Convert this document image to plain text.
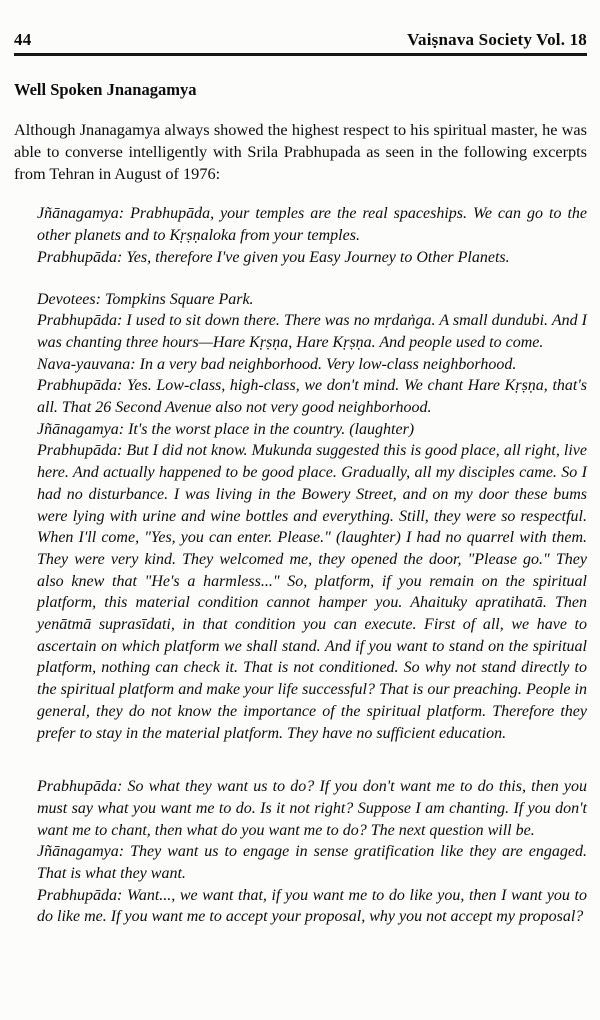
44	Vaiṣnava Society Vol. 18
Well Spoken Jnanagamya

Although Jnanagamya always showed the highest respect to his spiritual master, he was able to converse intelligently with Srila Prabhupada as seen in the following excerpts from Tehran in August of 1976:

Jñānagamya: Prabhupāda, your temples are the real spaceships. We can go to the other planets and to Kṛṣṇaloka from your temples.

Prabhupāda: Yes, therefore I've given you Easy Journey to Other Planets.

Devotees: Tompkins Square Park.

Prabhupāda: I used to sit down there. There was no mṛdaṅga. A small dundubi. And I was chanting three hours—Hare Kṛṣṇa, Hare Kṛṣṇa. And people used to come.

Nava-yauvana: In a very bad neighborhood. Very low-class neighborhood.

Prabhupāda: Yes. Low-class, high-class, we don't mind. We chant Hare Kṛṣṇa, that's all. That 26 Second Avenue also not very good neighborhood.

Jñānagamya: It's the worst place in the country. (laughter)

Prabhupāda: But I did not know. Mukunda suggested this is good place, all right, live here. And actually happened to be good place. Gradually, all my disciples came. So I had no disturbance. I was living in the Bowery Street, and on my door these bums were lying with urine and wine bottles and everything. Still, they were so respectful. When I'll come, "Yes, you can enter. Please." (laughter) I had no quarrel with them. They were very kind. They welcomed me, they opened the door, "Please go." They also knew that "He's a harmless..." So, platform, if you remain on the spiritual platform, this material condition cannot hamper you. Ahaituky apratihatā. Then yenātmā suprasīdati, in that condition you can execute. First of all, we have to ascertain on which platform we shall stand. And if you want to stand on the spiritual platform, nothing can check it. That is not conditioned. So why not stand directly to the spiritual platform and make your life successful? That is our preaching. People in general, they do not know the importance of the spiritual platform. Therefore they prefer to stay in the material platform. They have no sufficient education.

Prabhupāda: So what they want us to do? If you don't want me to do this, then you must say what you want me to do. Is it not right? Suppose I am chanting. If you don't want me to chant, then what do you want me to do? The next question will be.

Jñānagamya: They want us to engage in sense gratification like they are engaged. That is what they want.

Prabhupāda: Want..., we want that, if you want me to do like you, then I want you to do like me. If you want me to accept your proposal, why you not accept my proposal?
